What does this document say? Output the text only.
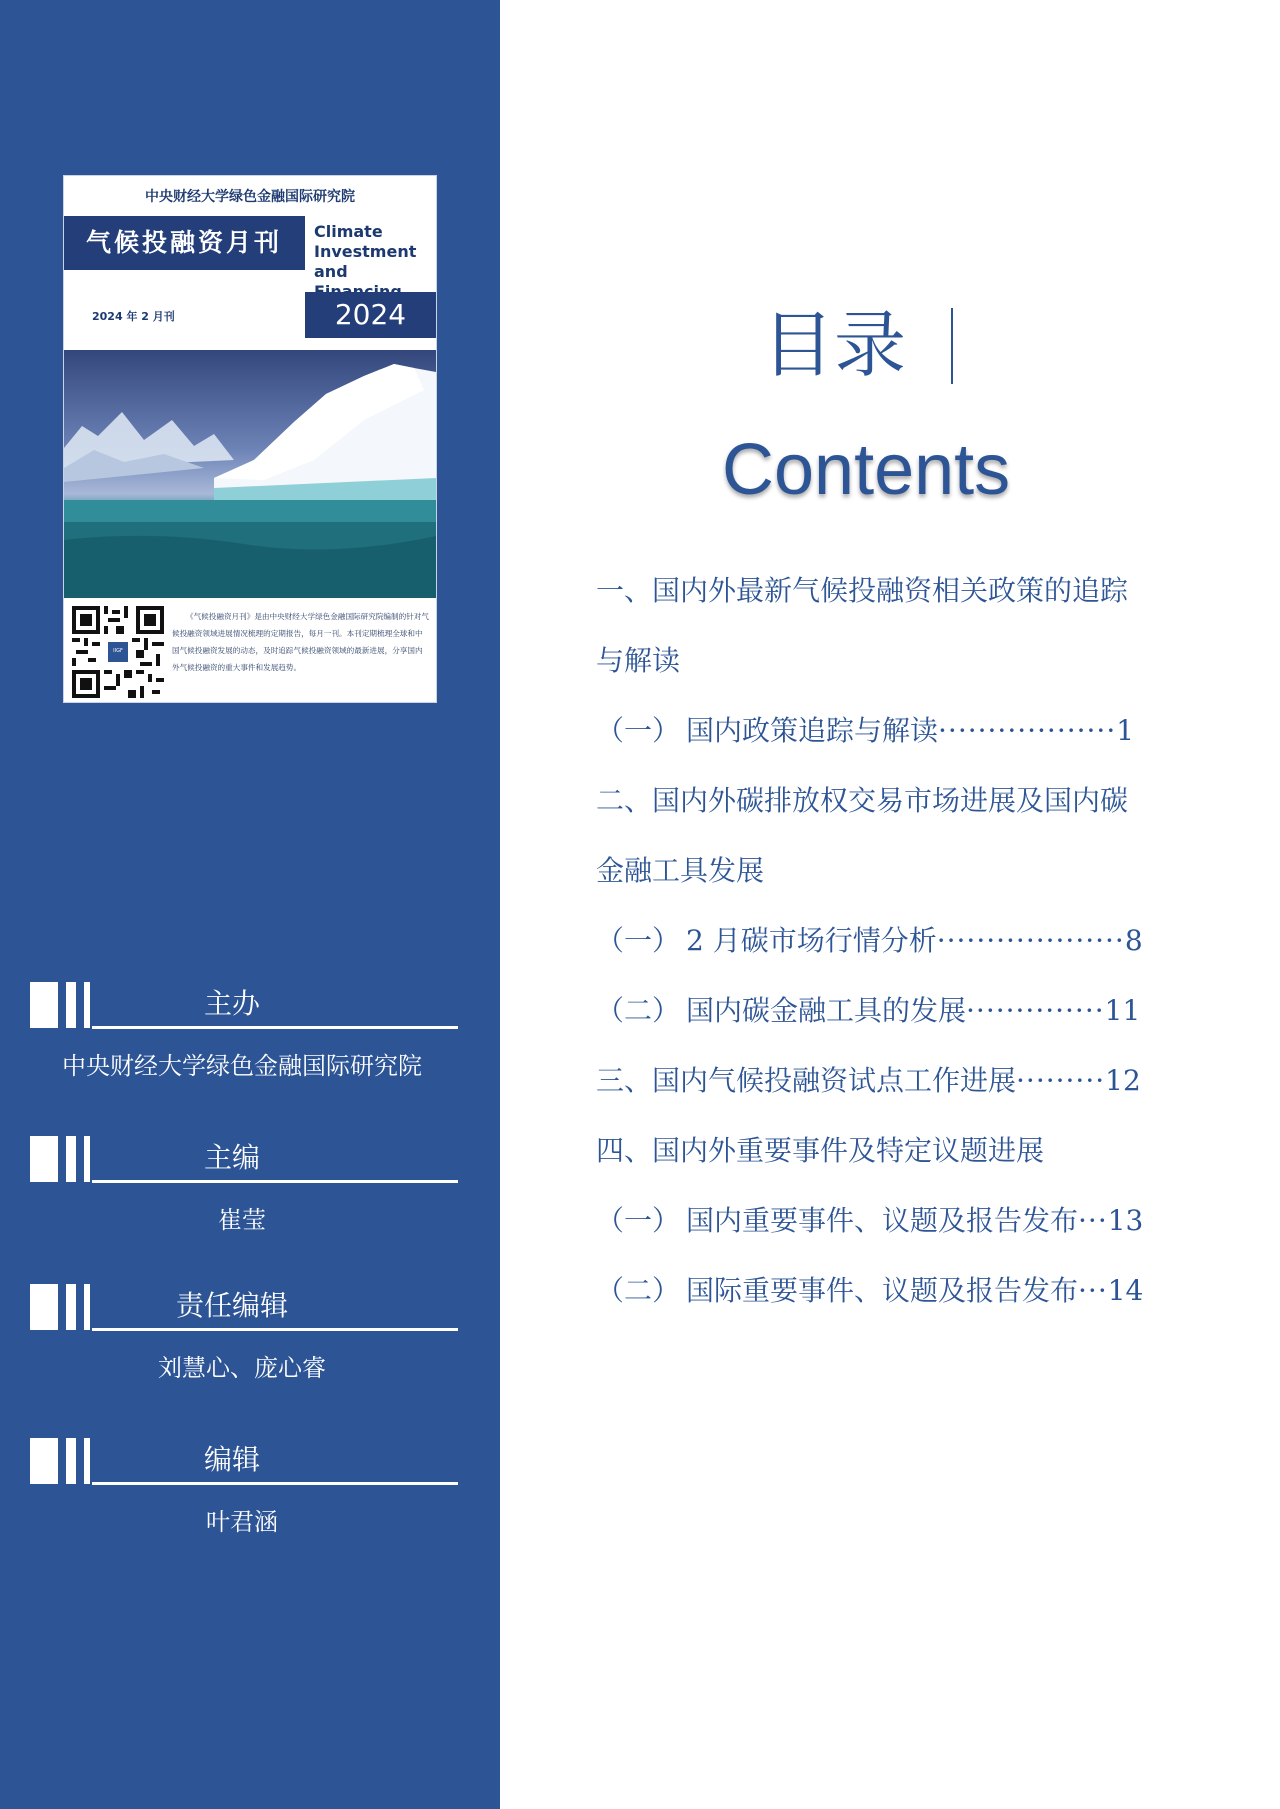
中央财经大学绿色金融国际研究院
气候投融资月刊	Climate
Investment
and
2024 年 2 月刊	2024
IIGF
《气候投融资月刊》是由中央财经大学绿色金融国际研究院编制的针对气候投融资领域进展情况梳理的定期报告，每月一刊。本刊定期梳理全球和中国气候投融资发展的动态，及时追踪气候投融资领域的最新进展，分享国内外气候投融资的重大事件和发展趋势。
主办
中央财经大学绿色金融国际研究院
主编
崔莹
责任编辑
刘慧心、庞心睿
编辑
叶君涵
目录
Contents
一、国内外最新气候投融资相关政策的追踪
与解读
（一） 国内政策追踪与解读··················1
二、国内外碳排放权交易市场进展及国内碳
金融工具发展
（一） 2 月碳市场行情分析···················8
（二） 国内碳金融工具的发展··············11
三、国内气候投融资试点工作进展·········12
四、国内外重要事件及特定议题进展
（一） 国内重要事件、议题及报告发布···13
（二） 国际重要事件、议题及报告发布···14
